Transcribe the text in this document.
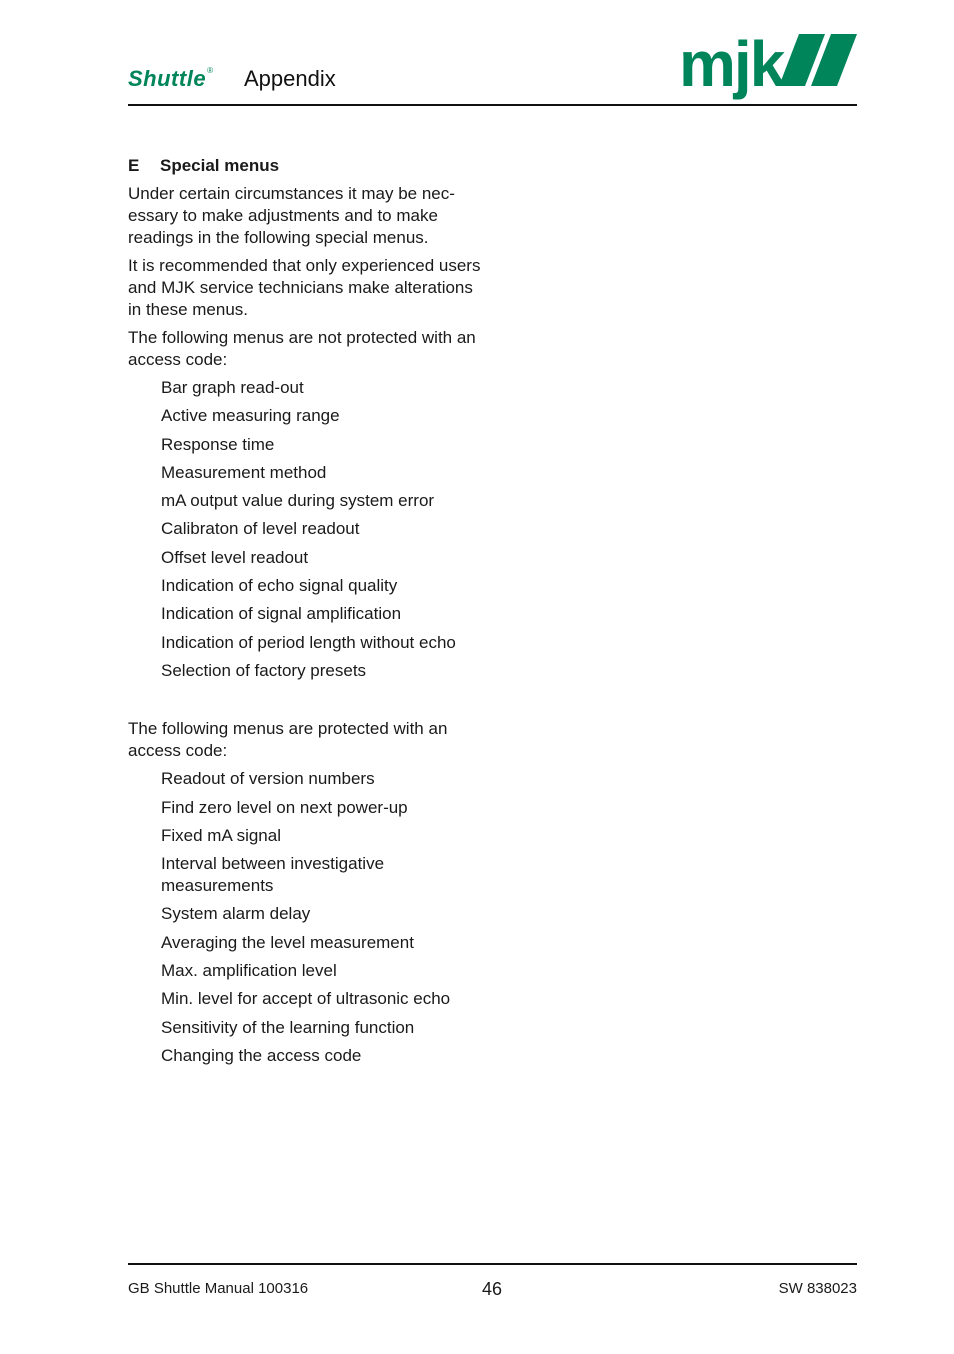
Shuttle® Appendix	mjk
E Special menus

Under certain circumstances it may be nec-essary to make adjustments and to make readings in the following special menus.

It is recommended that only experienced users and MJK service technicians make alterations in these menus.

The following menus are not protected with an access code:

Bar graph read-out
Active measuring range
Response time
Measurement method
mA output value during system error
Calibraton of level readout
Offset level readout
Indication of echo signal quality
Indication of signal amplification
Indication of period length without echo
Selection of factory presets

The following menus are protected with an access code:

Readout of version numbers
Find zero level on next power-up
Fixed mA signal
Interval between investigative measurements
System alarm delay
Averaging the level measurement
Max. amplification level
Min. level for accept of ultrasonic echo
Sensitivity of the learning function
Changing the access code
GB Shuttle Manual 100316	46	SW 838023
